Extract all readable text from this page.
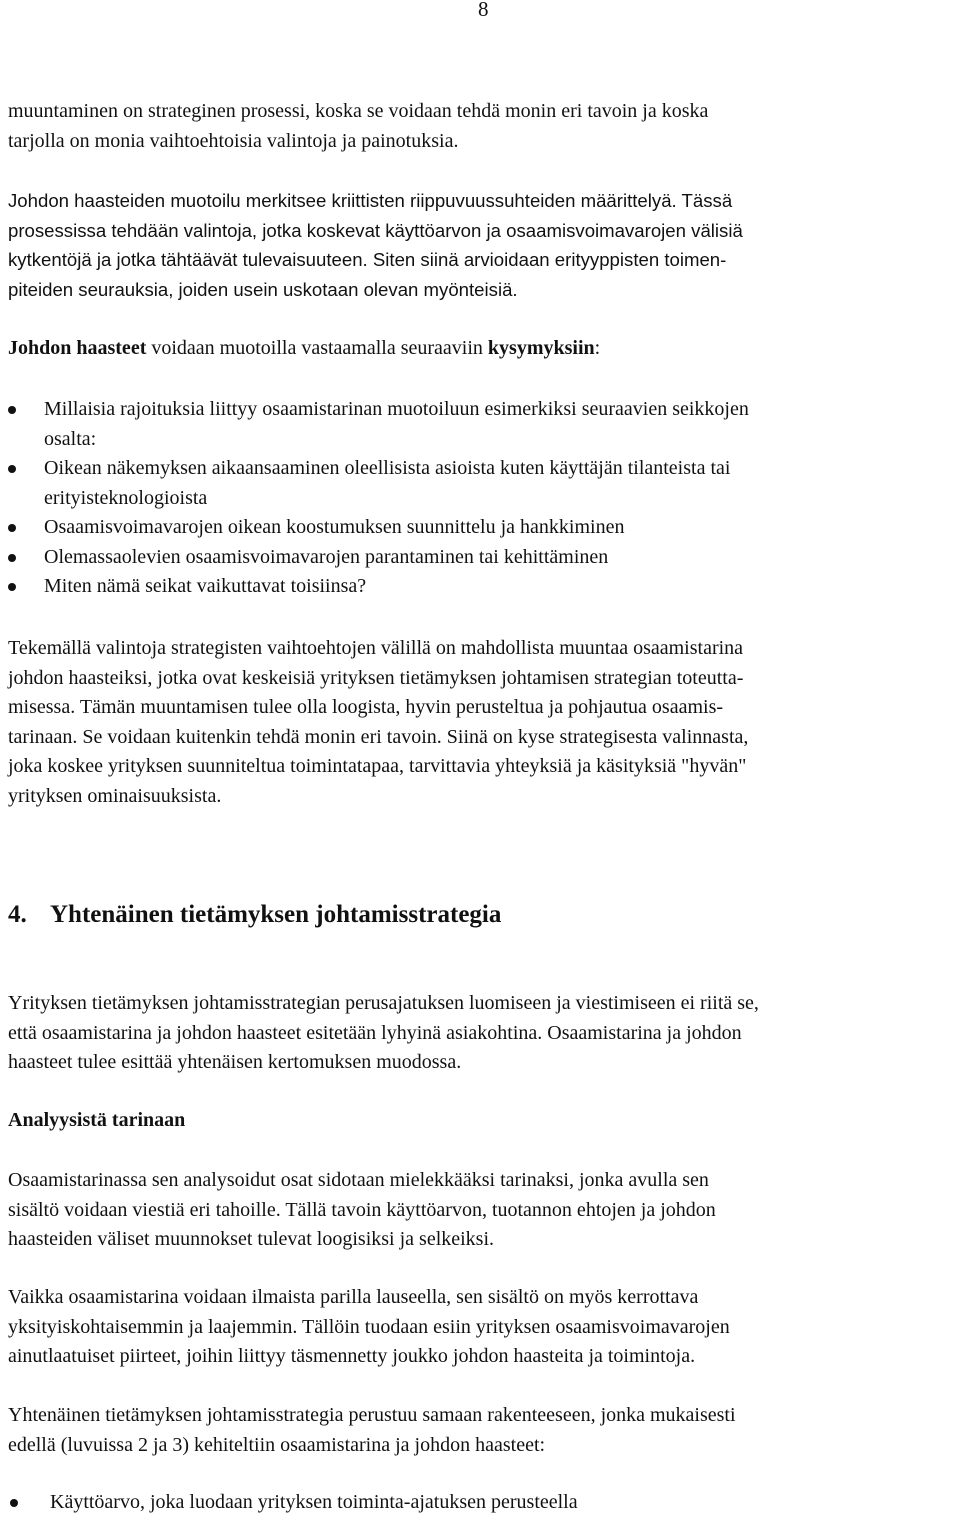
8

muuntaminen on strateginen prosessi, koska se voidaan tehdä monin eri tavoin ja koska
tarjolla on monia vaihtoehtoisia valintoja ja painotuksia.

Johdon haasteiden muotoilu merkitsee kriittisten riippuvuussuhteiden määrittelyä. Tässä
prosessissa tehdään valintoja, jotka koskevat käyttöarvon ja osaamisvoimavarojen välisiä
kytkentöjä ja jotka tähtäävät tulevaisuuteen. Siten siinä arvioidaan erityyppisten toimen-
piteiden seurauksia, joiden usein uskotaan olevan myönteisiä.

Johdon haasteet voidaan muotoilla vastaamalla seuraaviin kysymyksiin:

Millaisia rajoituksia liittyy osaamistarinan muotoiluun esimerkiksi seuraavien seikkojen
osalta:
Oikean näkemyksen aikaansaaminen oleellisista asioista kuten käyttäjän tilanteista tai
erityisteknologioista
Osaamisvoimavarojen oikean koostumuksen suunnittelu ja hankkiminen
Olemassaolevien osaamisvoimavarojen parantaminen tai kehittäminen
Miten nämä seikat vaikuttavat toisiinsa?

Tekemällä valintoja strategisten vaihtoehtojen välillä on mahdollista muuntaa osaamistarina
johdon haasteiksi, jotka ovat keskeisiä yrityksen tietämyksen johtamisen strategian toteutta-
misessa. Tämän muuntamisen tulee olla loogista, hyvin perusteltua ja pohjautua osaamis-
tarinaan. Se voidaan kuitenkin tehdä monin eri tavoin. Siinä on kyse strategisesta valinnasta,
joka koskee yrityksen suunniteltua toimintatapaa, tarvittavia yhteyksiä ja käsityksiä "hyvän"
yrityksen ominaisuuksista.

4. Yhtenäinen tietämyksen johtamisstrategia

Yrityksen tietämyksen johtamisstrategian perusajatuksen luomiseen ja viestimiseen ei riitä se,
että osaamistarina ja johdon haasteet esitetään lyhyinä asiakohtina. Osaamistarina ja johdon
haasteet tulee esittää yhtenäisen kertomuksen muodossa.

Analyysistä tarinaan

Osaamistarinassa sen analysoidut osat sidotaan mielekkääksi tarinaksi, jonka avulla sen
sisältö voidaan viestiä eri tahoille. Tällä tavoin käyttöarvon, tuotannon ehtojen ja johdon
haasteiden väliset muunnokset tulevat loogisiksi ja selkeiksi.

Vaikka osaamistarina voidaan ilmaista parilla lauseella, sen sisältö on myös kerrottava
yksityiskohtaisemmin ja laajemmin. Tällöin tuodaan esiin yrityksen osaamisvoimavarojen
ainutlaatuiset piirteet, joihin liittyy täsmennetty joukko johdon haasteita ja toimintoja.

Yhtenäinen tietämyksen johtamisstrategia perustuu samaan rakenteeseen, jonka mukaisesti
edellä (luvuissa 2 ja 3) kehiteltiin osaamistarina ja johdon haasteet:

Käyttöarvo, joka luodaan yrityksen toiminta-ajatuksen perusteella
